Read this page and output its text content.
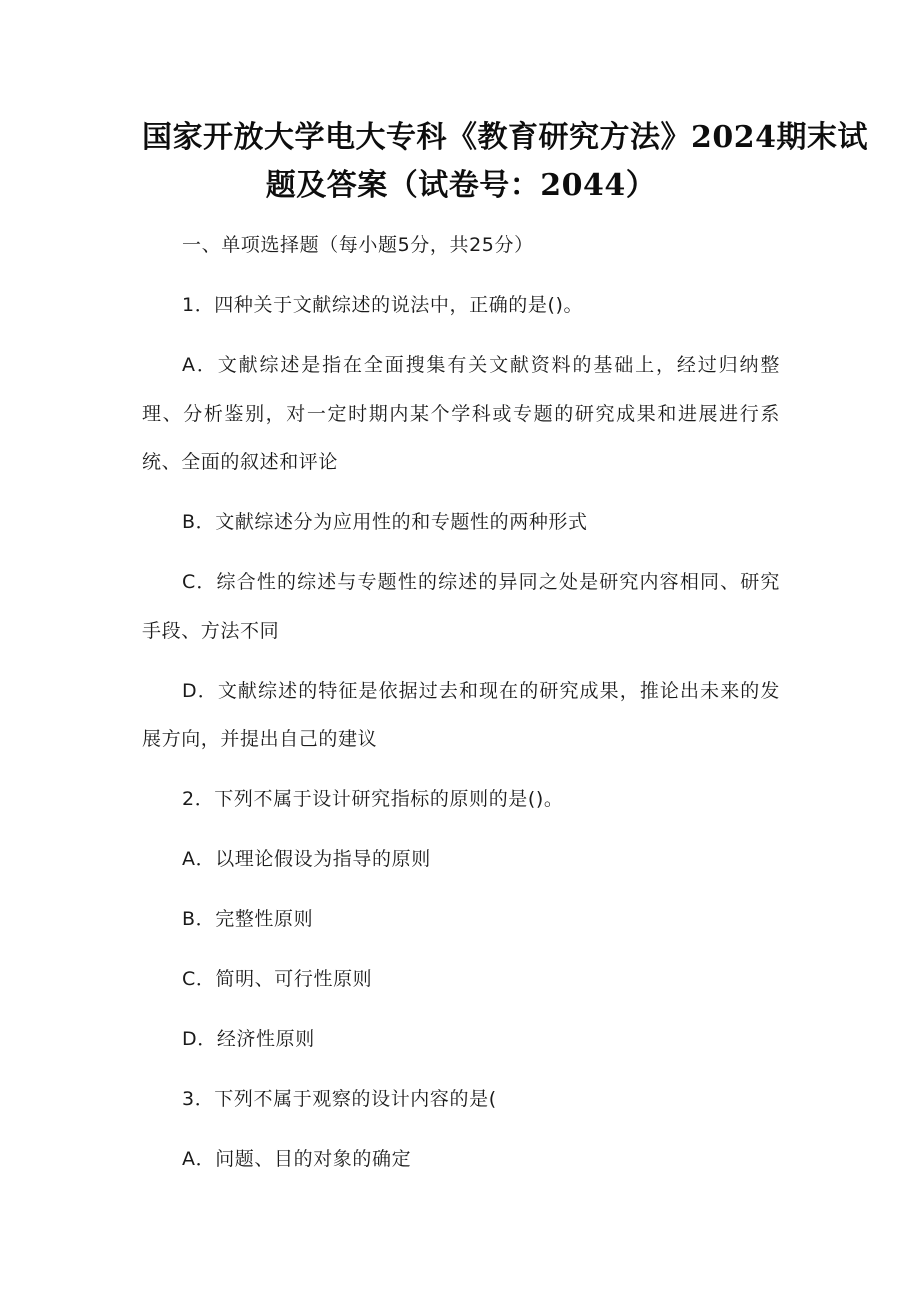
国家开放大学电大专科《教育研究方法》2024期末试
题及答案（试卷号：2044）

一、单项选择题（每小题5分，共25分）

1．四种关于文献综述的说法中，正确的是()。

A．文献综述是指在全面搜集有关文献资料的基础上，经过归纳整理、分析鉴别，对一定时期内某个学科或专题的研究成果和进展进行系统、全面的叙述和评论

B．文献综述分为应用性的和专题性的两种形式

C．综合性的综述与专题性的综述的异同之处是研究内容相同、研究手段、方法不同

D．文献综述的特征是依据过去和现在的研究成果，推论出未来的发展方向，并提出自己的建议

2．下列不属于设计研究指标的原则的是()。

A．以理论假设为指导的原则

B．完整性原则

C．简明、可行性原则

D．经济性原则

3．下列不属于观察的设计内容的是(

A．问题、目的对象的确定
